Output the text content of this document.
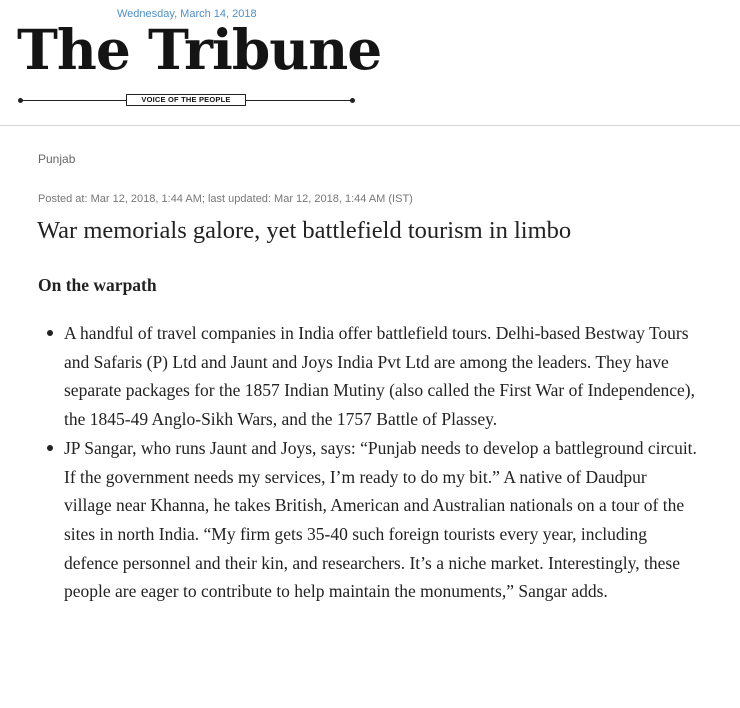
Wednesday, March 14, 2018
The Tribune
VOICE OF THE PEOPLE
Punjab
Posted at: Mar 12, 2018, 1:44 AM; last updated: Mar 12, 2018, 1:44 AM (IST)
War memorials galore, yet battlefield tourism in limbo
On the warpath
A handful of travel companies in India offer battlefield tours. Delhi-based Bestway Tours and Safaris (P) Ltd and Jaunt and Joys India Pvt Ltd are among the leaders. They have separate packages for the 1857 Indian Mutiny (also called the First War of Independence), the 1845-49 Anglo-Sikh Wars, and the 1757 Battle of Plassey.
JP Sangar, who runs Jaunt and Joys, says: “Punjab needs to develop a battleground circuit. If the government needs my services, I’m ready to do my bit.” A native of Daudpur village near Khanna, he takes British, American and Australian nationals on a tour of the sites in north India. “My firm gets 35-40 such foreign tourists every year, including defence personnel and their kin, and researchers. It’s a niche market. Interestingly, these people are eager to contribute to help maintain the monuments,” Sangar adds.
